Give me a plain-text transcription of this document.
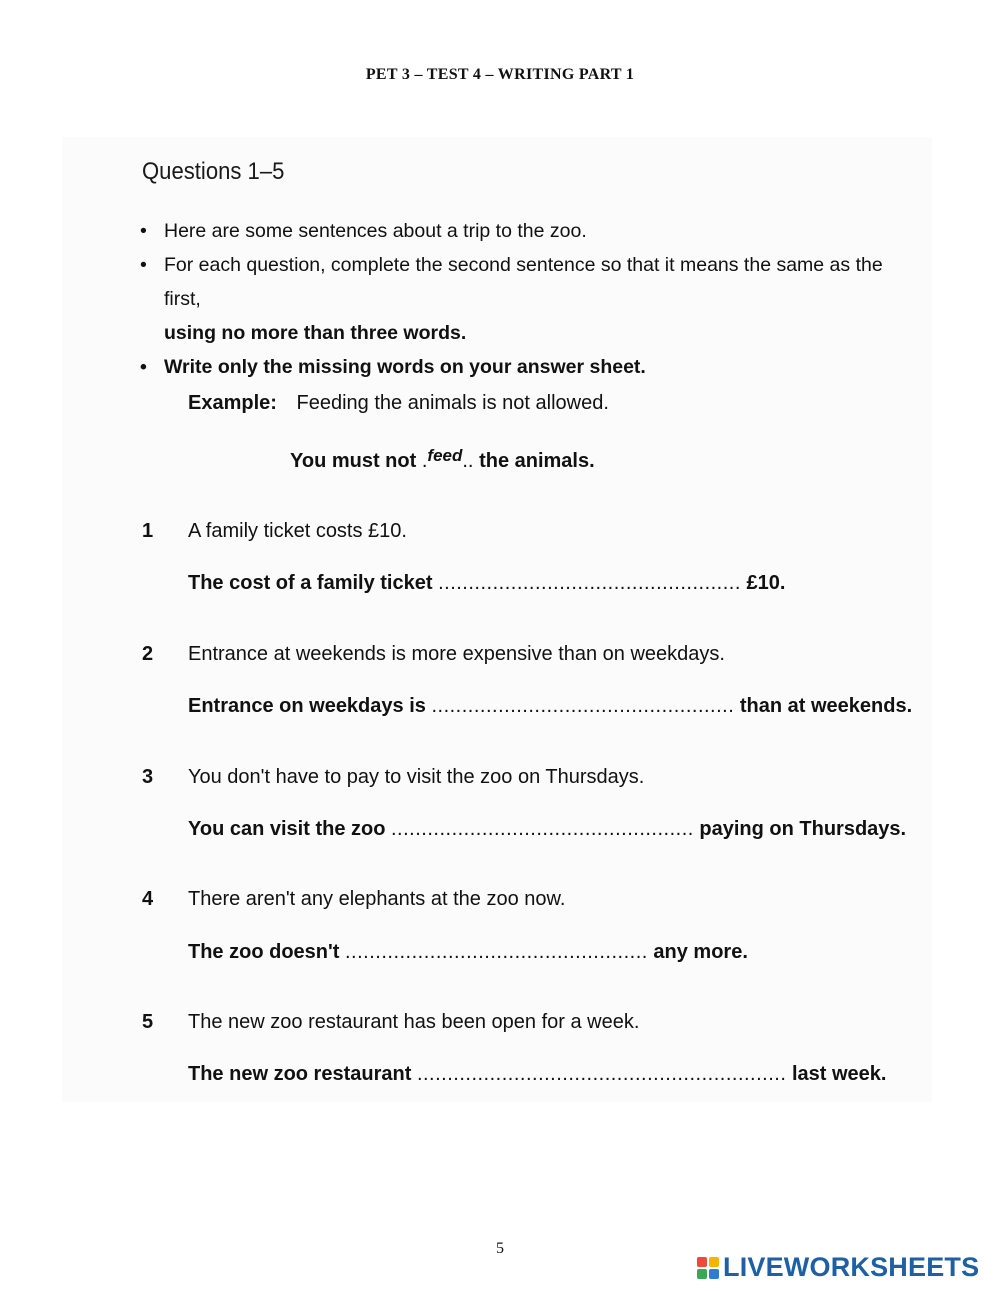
PET 3 – TEST 4 – WRITING PART 1
Questions 1–5
• Here are some sentences about a trip to the zoo.
• For each question, complete the second sentence so that it means the same as the first,
using no more than three words.
• Write only the missing words on your answer sheet.
Example: Feeding the animals is not allowed.
You must not .$^{feed}$.. the animals.
1 A family ticket costs £10.
The cost of a family ticket .................................................. £10.
2 Entrance at weekends is more expensive than on weekdays.
Entrance on weekdays is .................................................. than at weekends.
3 You don't have to pay to visit the zoo on Thursdays.
You can visit the zoo .................................................. paying on Thursdays.
4 There aren't any elephants at the zoo now.
The zoo doesn't .................................................. any more.
5 The new zoo restaurant has been open for a week.
The new zoo restaurant ............................................................. last week.
5
LIVEWORKSHEETS
